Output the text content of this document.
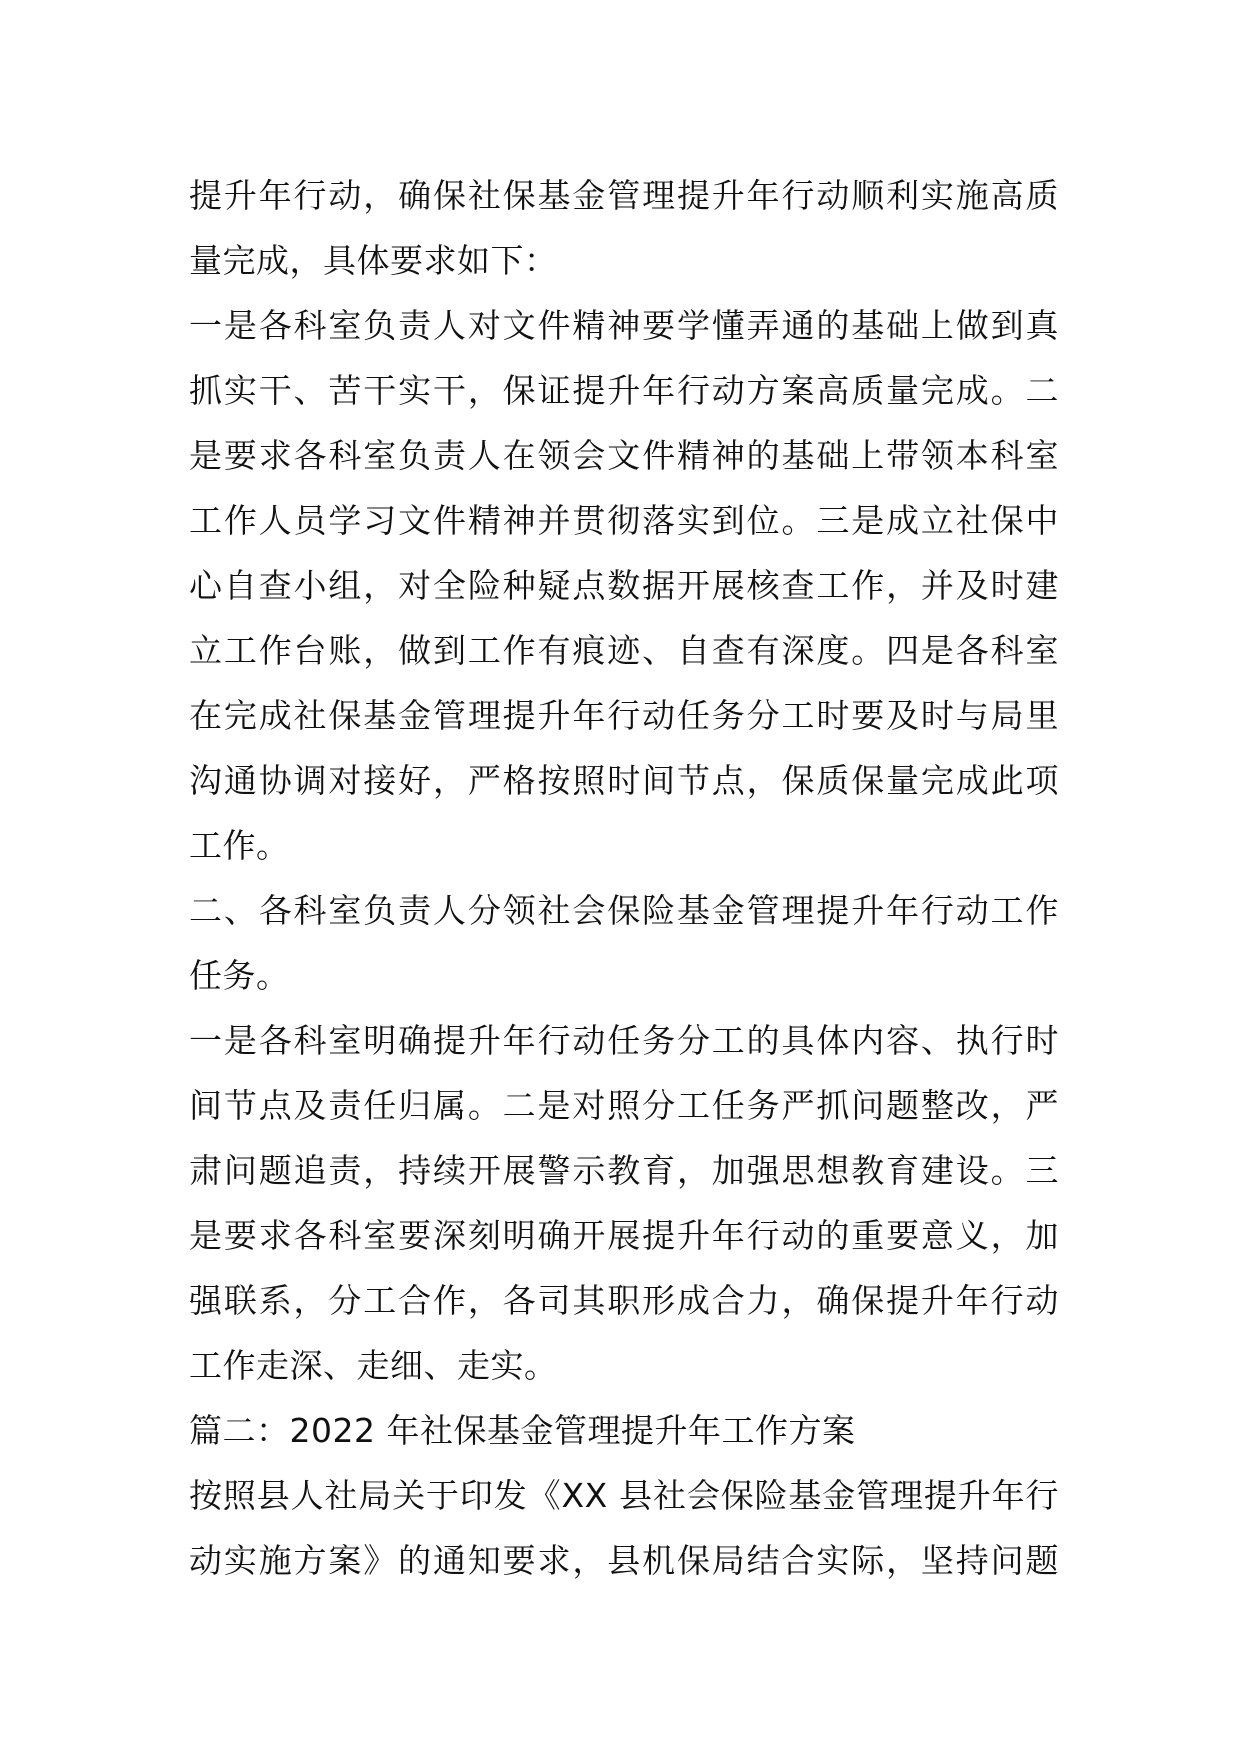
提升年行动，确保社保基金管理提升年行动顺利实施高质
量完成，具体要求如下：
一是各科室负责人对文件精神要学懂弄通的基础上做到真
抓实干、苦干实干，保证提升年行动方案高质量完成。二
是要求各科室负责人在领会文件精神的基础上带领本科室
工作人员学习文件精神并贯彻落实到位。三是成立社保中
心自查小组，对全险种疑点数据开展核查工作，并及时建
立工作台账，做到工作有痕迹、自查有深度。四是各科室
在完成社保基金管理提升年行动任务分工时要及时与局里
沟通协调对接好，严格按照时间节点，保质保量完成此项
工作。
二、各科室负责人分领社会保险基金管理提升年行动工作
任务。
一是各科室明确提升年行动任务分工的具体内容、执行时
间节点及责任归属。二是对照分工任务严抓问题整改，严
肃问题追责，持续开展警示教育，加强思想教育建设。三
是要求各科室要深刻明确开展提升年行动的重要意义，加
强联系，分工合作，各司其职形成合力，确保提升年行动
工作走深、走细、走实。
篇二：2022 年社保基金管理提升年工作方案
按照县人社局关于印发《XX 县社会保险基金管理提升年行
动实施方案》的通知要求，县机保局结合实际，坚持问题
